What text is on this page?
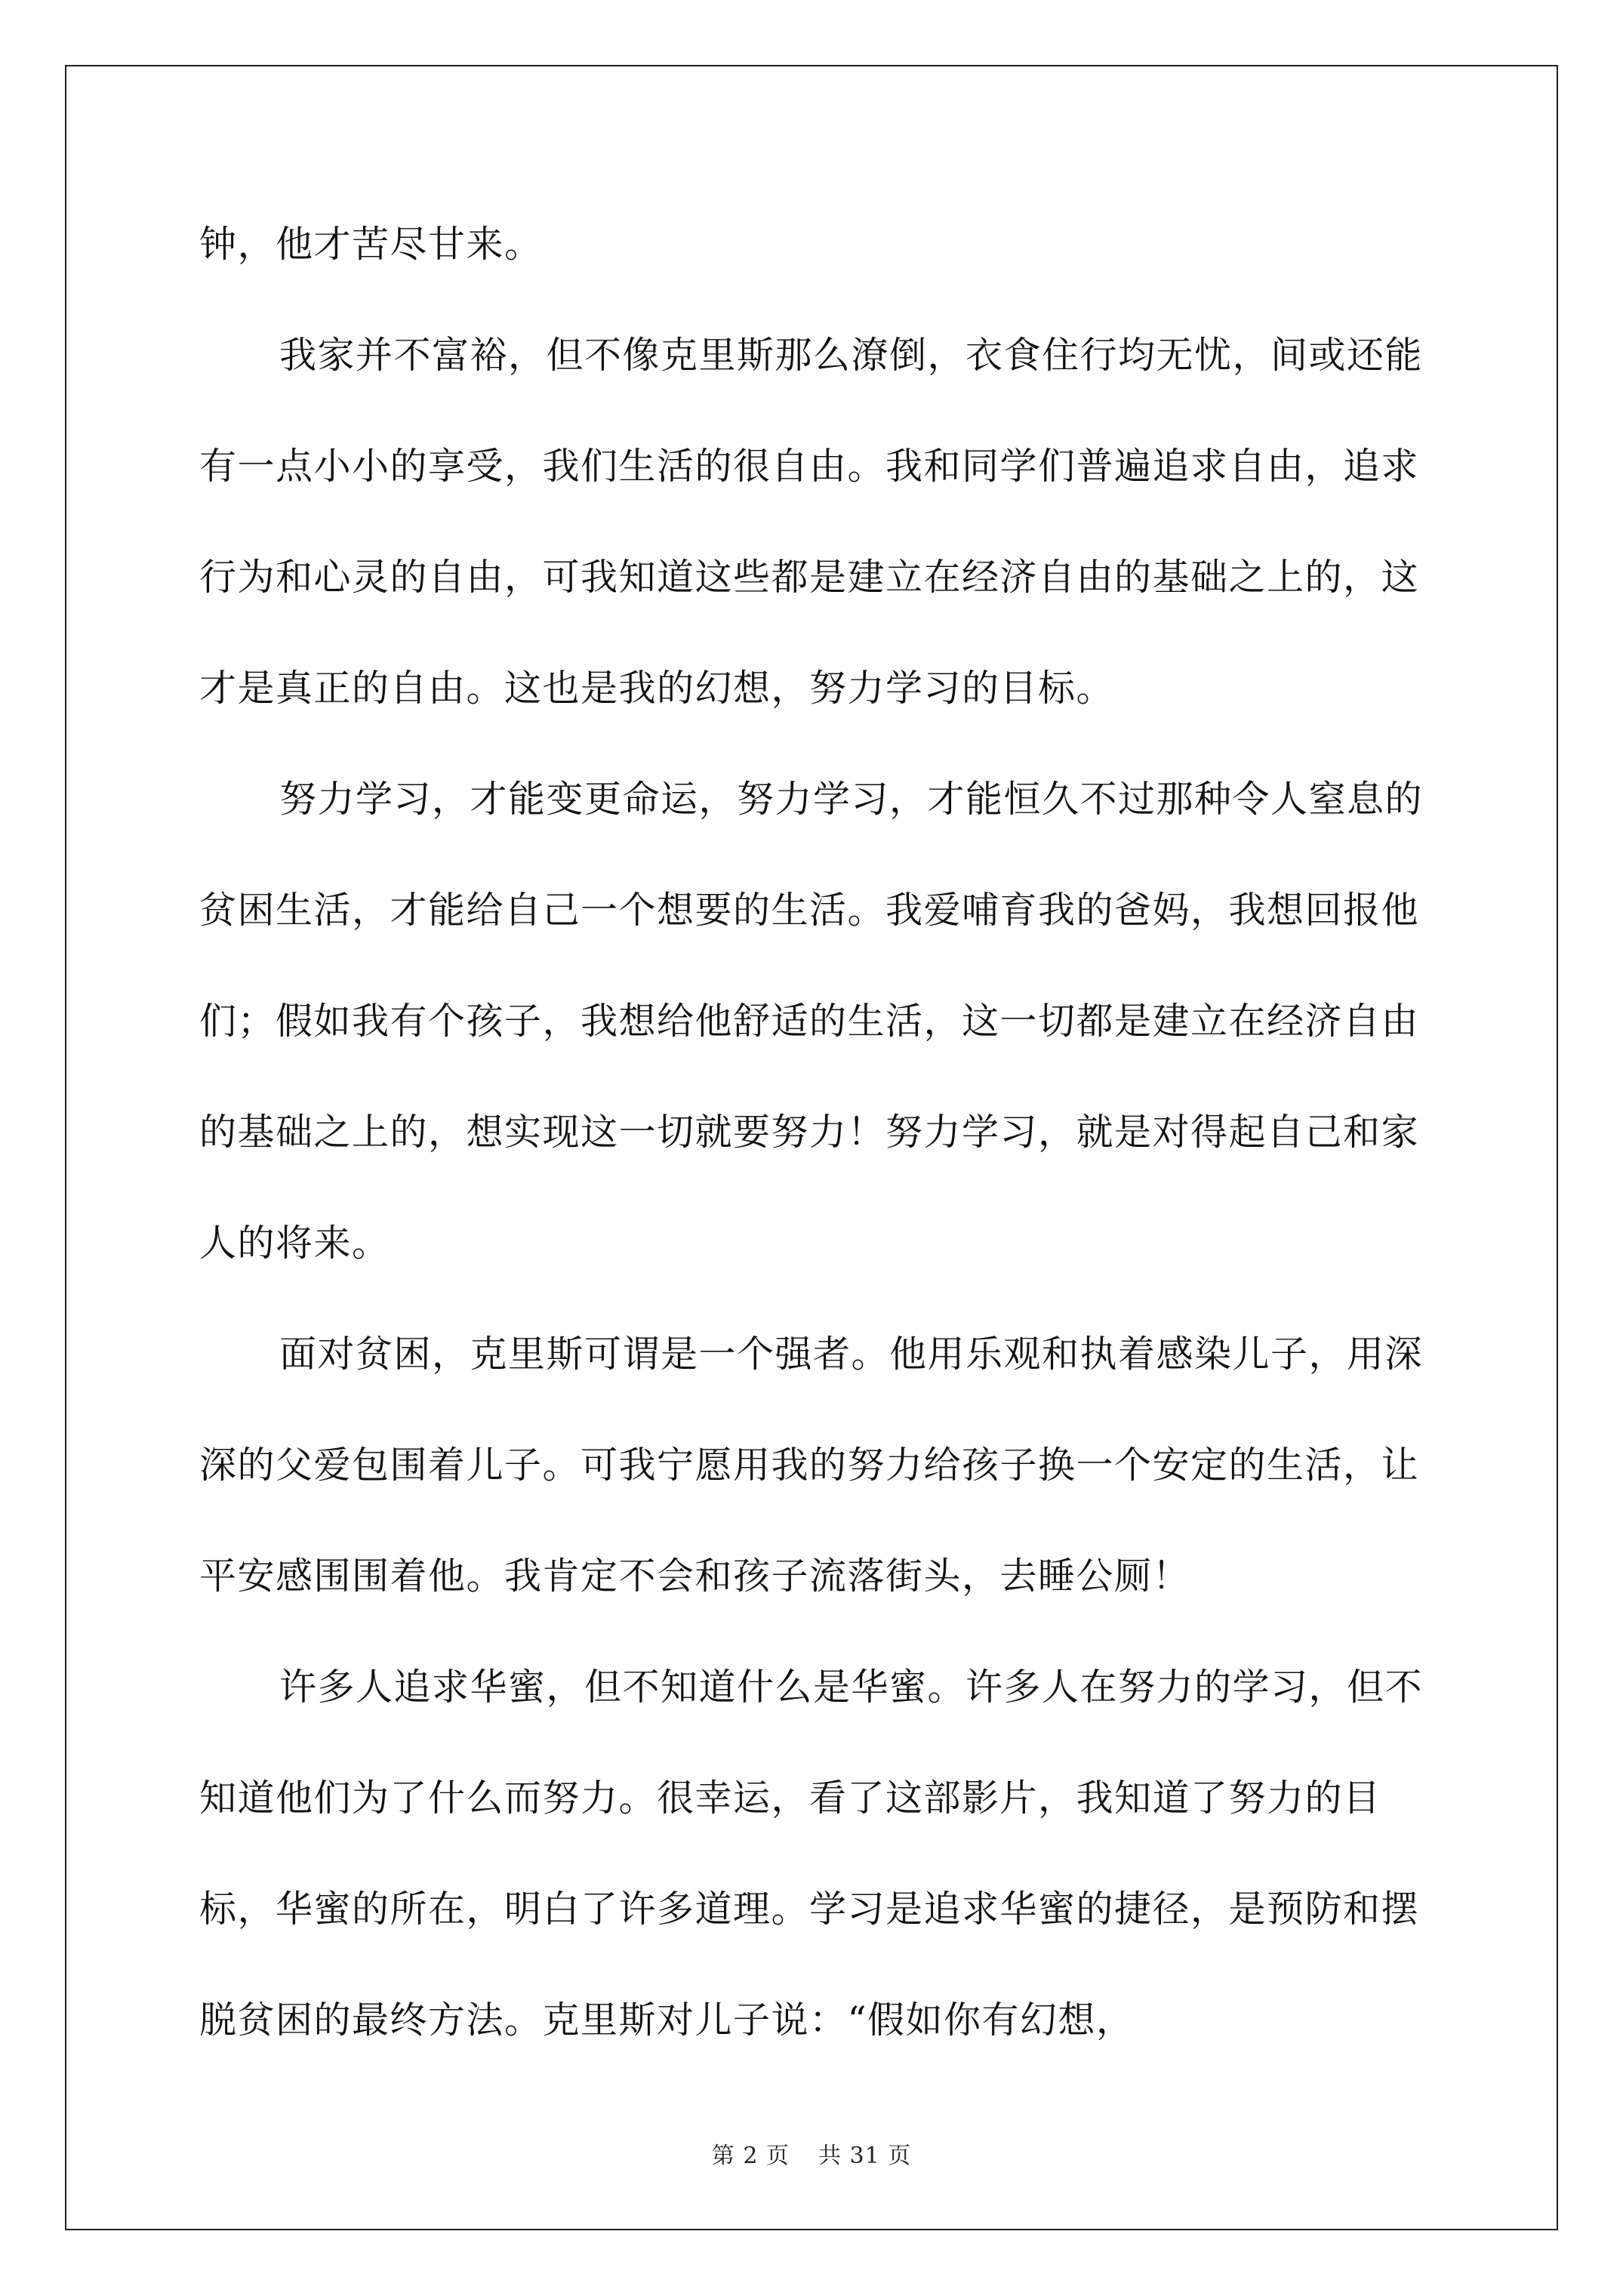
钟，他才苦尽甘来。

我家并不富裕，但不像克里斯那么潦倒，衣食住行均无忧，间或还能有一点小小的享受，我们生活的很自由。我和同学们普遍追求自由，追求行为和心灵的自由，可我知道这些都是建立在经济自由的基础之上的，这才是真正的自由。这也是我的幻想，努力学习的目标。

努力学习，才能变更命运，努力学习，才能恒久不过那种令人窒息的贫困生活，才能给自己一个想要的生活。我爱哺育我的爸妈，我想回报他们；假如我有个孩子，我想给他舒适的生活，这一切都是建立在经济自由的基础之上的，想实现这一切就要努力！努力学习，就是对得起自己和家人的将来。

面对贫困，克里斯可谓是一个强者。他用乐观和执着感染儿子，用深深的父爱包围着儿子。可我宁愿用我的努力给孩子换一个安定的生活，让平安感围围着他。我肯定不会和孩子流落街头，去睡公厕！

许多人追求华蜜，但不知道什么是华蜜。许多人在努力的学习，但不知道他们为了什么而努力。很幸运，看了这部影片，我知道了努力的目标，华蜜的所在，明白了许多道理。学习是追求华蜜的捷径，是预防和摆脱贫困的最终方法。克里斯对儿子说：“假如你有幻想，

第 2 页 共 31 页
